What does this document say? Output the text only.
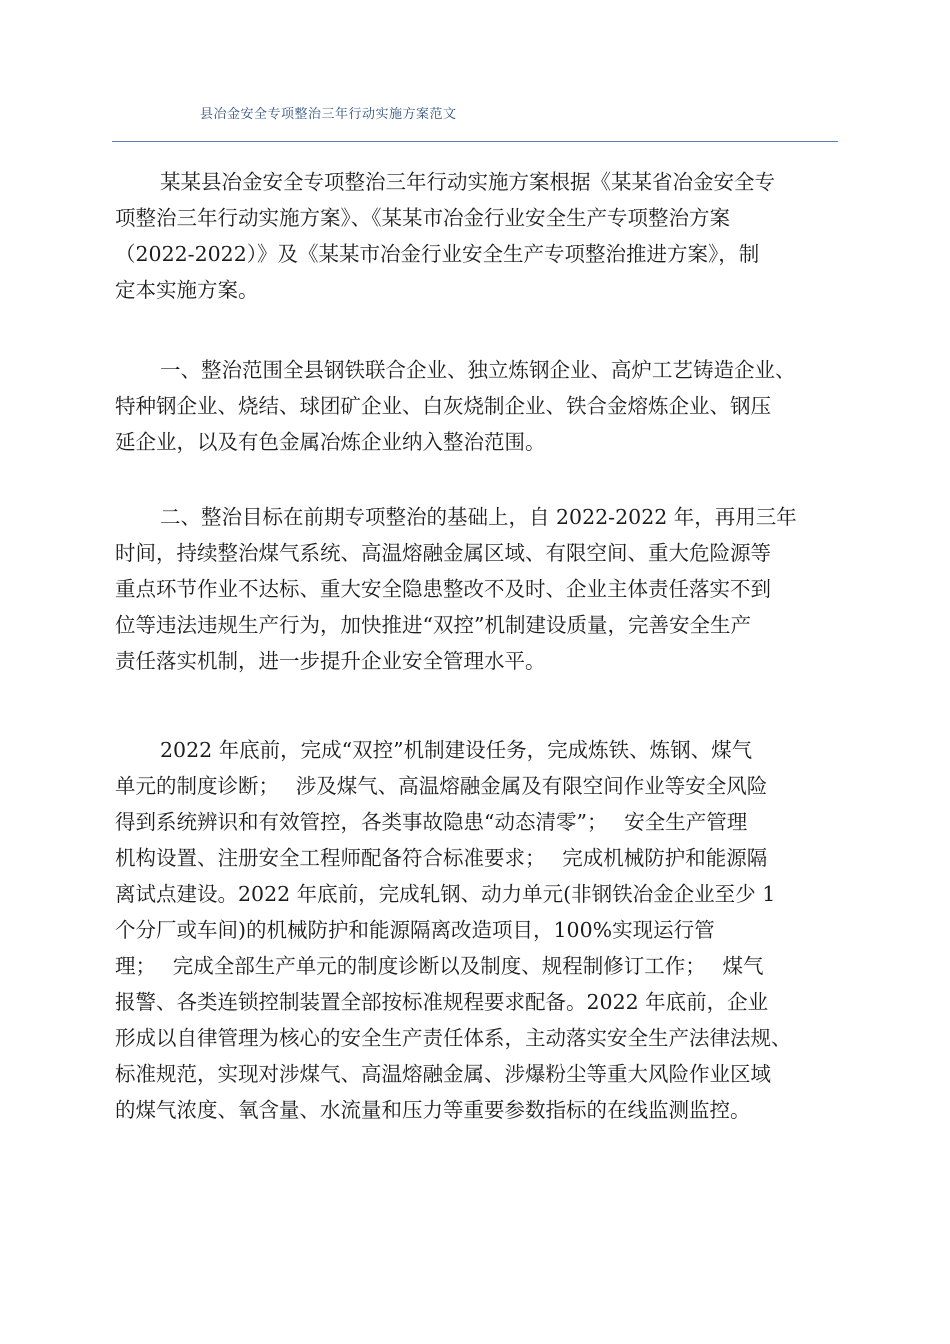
县冶金安全专项整治三年行动实施方案范文
某某县冶金安全专项整治三年行动实施方案根据《某某省冶金安全专
项整治三年行动实施方案》、《某某市冶金行业安全生产专项整治方案
（2022-2022）》及《某某市冶金行业安全生产专项整治推进方案》，制
定本实施方案。
一、整治范围全县钢铁联合企业、独立炼钢企业、高炉工艺铸造企业、
特种钢企业、烧结、球团矿企业、白灰烧制企业、铁合金熔炼企业、钢压
延企业，以及有色金属冶炼企业纳入整治范围。
二、整治目标在前期专项整治的基础上，自 2022-2022 年，再用三年
时间，持续整治煤气系统、高温熔融金属区域、有限空间、重大危险源等
重点环节作业不达标、重大安全隐患整改不及时、企业主体责任落实不到
位等违法违规生产行为，加快推进“双控”机制建设质量，完善安全生产
责任落实机制，进一步提升企业安全管理水平。
2022 年底前，完成“双控”机制建设任务，完成炼铁、炼钢、煤气
单元的制度诊断；　 涉及煤气、高温熔融金属及有限空间作业等安全风险
得到系统辨识和有效管控，各类事故隐患“动态清零”；　 安全生产管理
机构设置、注册安全工程师配备符合标准要求；　 完成机械防护和能源隔
离试点建设。2022 年底前，完成轧钢、动力单元(非钢铁冶金企业至少 1
个分厂或车间)的机械防护和能源隔离改造项目，100%实现运行管
理；　 完成全部生产单元的制度诊断以及制度、规程制修订工作；　 煤气
报警、各类连锁控制装置全部按标准规程要求配备。2022 年底前，企业
形成以自律管理为核心的安全生产责任体系，主动落实安全生产法律法规、
标准规范，实现对涉煤气、高温熔融金属、涉爆粉尘等重大风险作业区域
的煤气浓度、氧含量、水流量和压力等重要参数指标的在线监测监控。
